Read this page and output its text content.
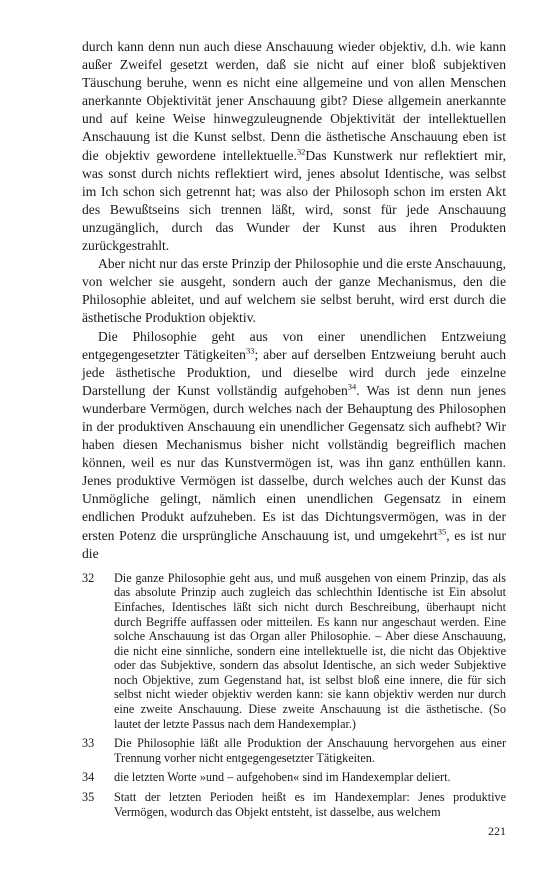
durch kann denn nun auch diese Anschauung wieder objektiv, d.h. wie kann außer Zweifel gesetzt werden, daß sie nicht auf einer bloß subjektiven Täuschung beruhe, wenn es nicht eine allgemeine und von allen Menschen anerkannte Objektivität jener Anschauung gibt? Diese allgemein anerkannte und auf keine Weise hinwegzuleugnende Objektivität der intellektuellen Anschauung ist die Kunst selbst. Denn die ästhetische Anschauung eben ist die objektiv gewordene intellektuelle.$^{32}$Das Kunstwerk nur reflektiert mir, was sonst durch nichts reflektiert wird, jenes absolut Identische, was selbst im Ich schon sich getrennt hat; was also der Philosoph schon im ersten Akt des Bewußtseins sich trennen läßt, wird, sonst für jede Anschauung unzugänglich, durch das Wunder der Kunst aus ihren Produkten zurückgestrahlt.

Aber nicht nur das erste Prinzip der Philosophie und die erste Anschauung, von welcher sie ausgeht, sondern auch der ganze Mechanismus, den die Philosophie ableitet, und auf welchem sie selbst beruht, wird erst durch die ästhetische Produktion objektiv.

Die Philosophie geht aus von einer unendlichen Entzweiung entgegengesetzter Tätigkeiten$^{33}$; aber auf derselben Entzweiung beruht auch jede ästhetische Produktion, und dieselbe wird durch jede einzelne Darstellung der Kunst vollständig aufgehoben$^{34}$. Was ist denn nun jenes wunderbare Vermögen, durch welches nach der Behauptung des Philosophen in der produktiven Anschauung ein unendlicher Gegensatz sich aufhebt? Wir haben diesen Mechanismus bisher nicht vollständig begreiflich machen können, weil es nur das Kunstvermögen ist, was ihn ganz enthüllen kann. Jenes produktive Vermögen ist dasselbe, durch welches auch der Kunst das Unmögliche gelingt, nämlich einen unendlichen Gegensatz in einem endlichen Produkt aufzuheben. Es ist das Dichtungsvermögen, was in der ersten Potenz die ursprüngliche Anschauung ist, und umgekehrt$^{35}$, es ist nur die

32	Die ganze Philosophie geht aus, und muß ausgehen von einem Prinzip, das als das absolute Prinzip auch zugleich das schlechthin Identische ist Ein absolut Einfaches, Identisches läßt sich nicht durch Beschreibung, überhaupt nicht durch Begriffe auffassen oder mitteilen. Es kann nur angeschaut werden. Eine solche Anschauung ist das Organ aller Philosophie. – Aber diese Anschauung, die nicht eine sinnliche, sondern eine intellektuelle ist, die nicht das Objektive oder das Subjektive, sondern das absolut Identische, an sich weder Subjektive noch Objektive, zum Gegenstand hat, ist selbst bloß eine innere, die für sich selbst nicht wieder objektiv werden kann: sie kann objektiv werden nur durch eine zweite Anschauung. Diese zweite Anschauung ist die ästhetische. (So lautet der letzte Passus nach dem Handexemplar.)
33	Die Philosophie läßt alle Produktion der Anschauung hervorgehen aus einer Trennung vorher nicht entgegengesetzter Tätigkeiten.
34	die letzten Worte »und – aufgehoben« sind im Handexemplar deliert.
35	Statt der letzten Perioden heißt es im Handexemplar: Jenes produktive Vermögen, wodurch das Objekt entsteht, ist dasselbe, aus welchem
221
